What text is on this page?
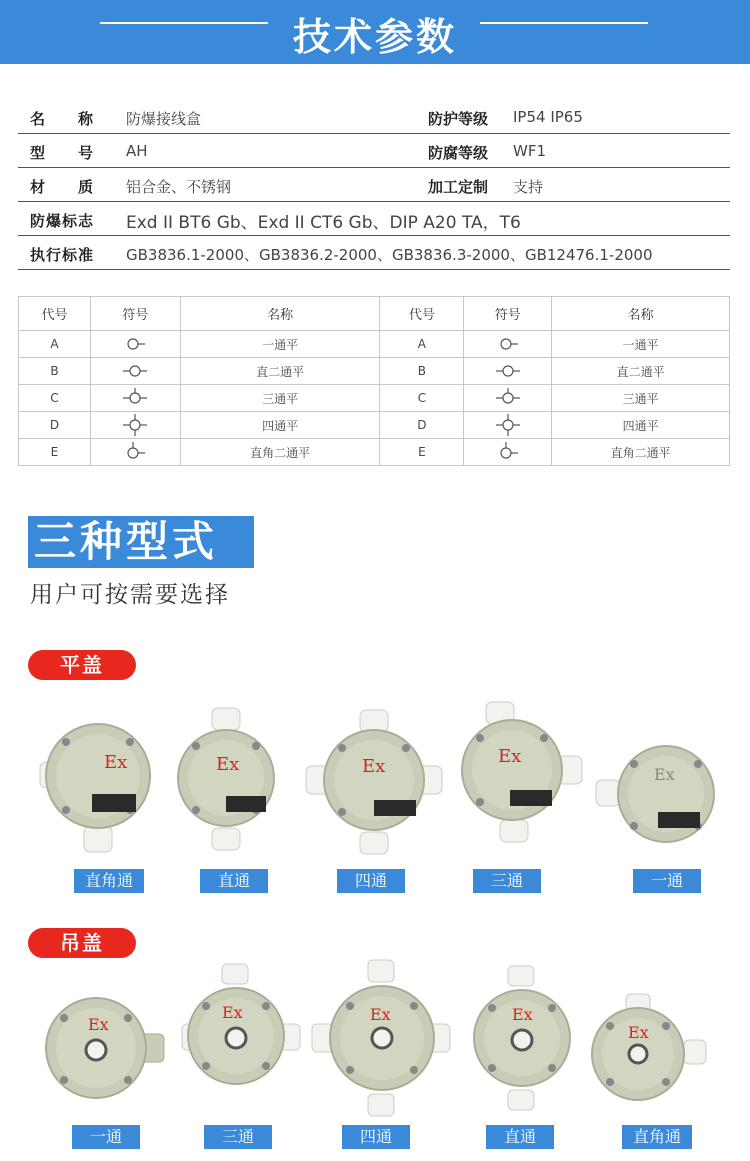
技术参数
名　　称 防爆接线盒	防护等级 IP54 IP65
型　　号 AH	防腐等级 WF1
材　　质 铝合金、不锈钢	加工定制 支持
防爆标志 Exd II BT6 Gb、Exd II CT6 Gb、DIP A20 TA，T6
执行标准 GB3836.1-2000、GB3836.2-2000、GB3836.3-2000、GB12476.1-2000
代号	符号	名称	代号	符号	名称
A		一通平	A		一通平
B		直二通平	B		直二通平
C		三通平	C		三通平
D		四通平	D		四通平
E		直角二通平	E		直角二通平
三种型式
用户可按需要选择
平盖
Ex	Ex	Ex	Ex
Ex
直角通	直通	四通	三通	一通
吊盖
Ex
Ex	Ex	Ex
Ex
一通	三通	四通	直通	直角通
